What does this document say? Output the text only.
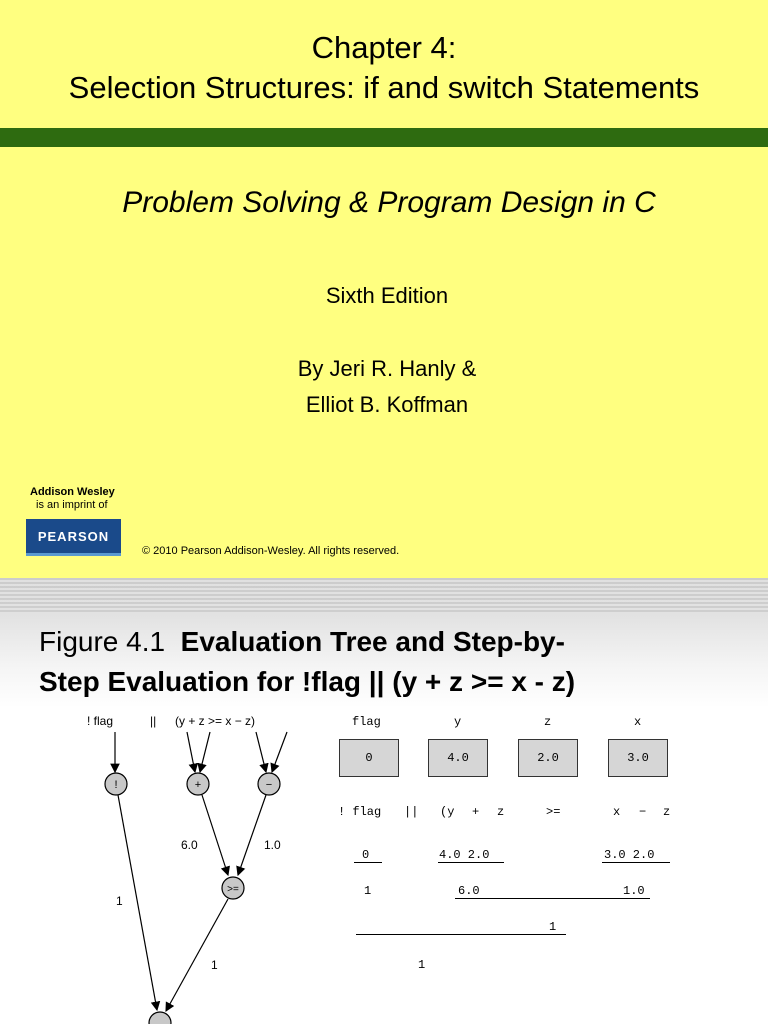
Chapter 4:
Selection Structures: if and switch Statements
Problem Solving & Program Design in C
Sixth Edition
By Jeri R. Hanly &
Elliot B. Koffman
Addison Wesley
is an imprint of
PEARSON
© 2010 Pearson Addison-Wesley. All rights reserved.
Figure 4.1 Evaluation Tree and Step-by-
Step Evaluation for !flag || (y + z >= x - z)
! flag	|| (y + z >= x − z)
!	+	−
>=
6.0	1.0
1
1
flag	y	z	x
0	4.0	2.0	3.0
! flag || (y + z	>=	x − z
0	4.0 2.0	3.0 2.0
1	6.0	1.0
1
1
